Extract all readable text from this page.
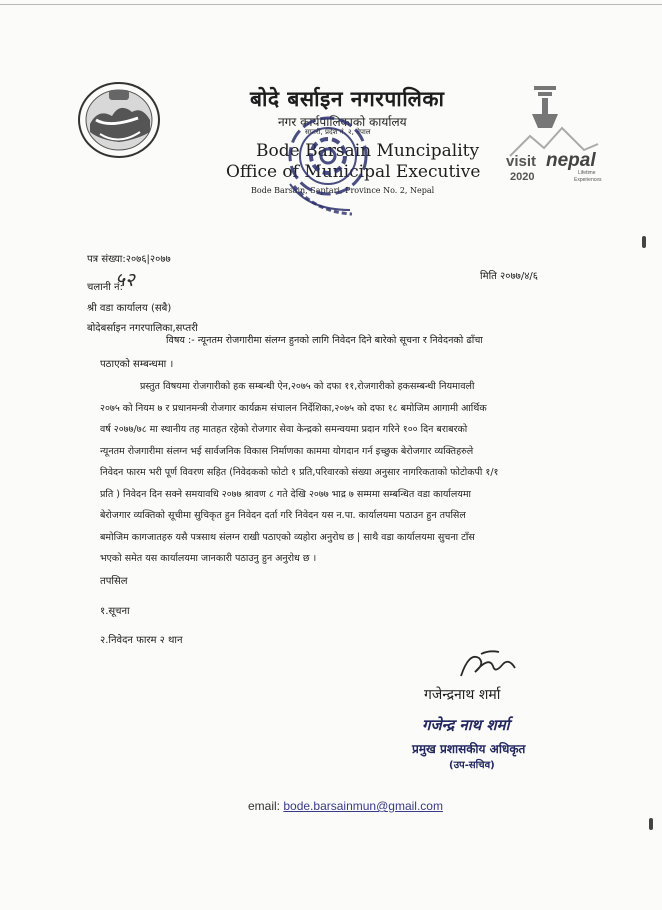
बोदे बर्साइन नगरपालिका
नगर कार्यपालिकाको कार्यालय
सप्तरी, प्रदेश नं. २, नेपाल
Bode Barsain Muncipality
Office of Municipal Executive
Bode Barsain, Saptari, Province No. 2, Nepal
visit nepal
2020	Lifetime
Experiences
पत्र संख्या:२०७६|२०७७
चलानी नं:
५२	मिति २०७७/४/६
श्री वडा कार्यालय (सबै)
बोदेबर्साइन नगरपालिका,सप्तरी
विषय :- न्यूनतम रोजगारीमा संलग्न हुनको लागि निवेदन दिने बारेको सूचना र निवेदनको ढाँचा
पठाएको सम्बन्धमा ।
प्रस्तुत विषयमा रोजगारीको हक सम्बन्धी ऐन,२०७५ को दफा ११,रोजगारीको हकसम्बन्धी नियमावली
२०७५ को नियम ७ र प्रधानमन्त्री रोजगार कार्यक्रम संचालन निर्देशिका,२०७५ को दफा १८ बमोजिम आगामी आर्थिक
वर्ष २०७७/७८ मा स्थानीय तह मातहत रहेको रोजगार सेवा केन्द्रको समन्वयमा प्रदान गरिने १०० दिन बराबरको
न्यूनतम रोजगारीमा संलग्न भई सार्वजनिक विकास निर्माणका काममा योगदान गर्न इच्छुक बेरोजगार व्यक्तिहरुले
निवेदन फारम भरी पूर्ण विवरण सहित (निवेदकको फोटो १ प्रति,परिवारको संख्या अनुसार नागरिकताको फोटोकपी १/१
प्रति ) निवेदन दिन सक्ने समयावधि २०७७ श्रावण ८ गते देखि २०७७ भाद्र ७ सम्ममा सम्बन्धित वडा कार्यालयमा
बेरोजगार व्यक्तिको सूचीमा सुचिकृत हुन निवेदन दर्ता गरि निवेदन यस न.पा. कार्यालयमा पठाउन हुन तपसिल
बमोजिम कागजातहरु यसै पत्रसाथ संलग्न राखी पठाएको व्यहोरा अनुरोध छ | साथै वडा कार्यालयमा सुचना टाँस
भएको समेत यस कार्यालयमा जानकारी पठाउनु हुन अनुरोध छ ।
तपसिल
१.सूचना
२.निवेदन फारम २ थान
गजेन्द्रनाथ शर्मा
गजेन्द्र नाथ शर्मा
प्रमुख प्रशासकीय अधिकृत
(उप-सचिव)
email: bode.barsainmun@gmail.com
